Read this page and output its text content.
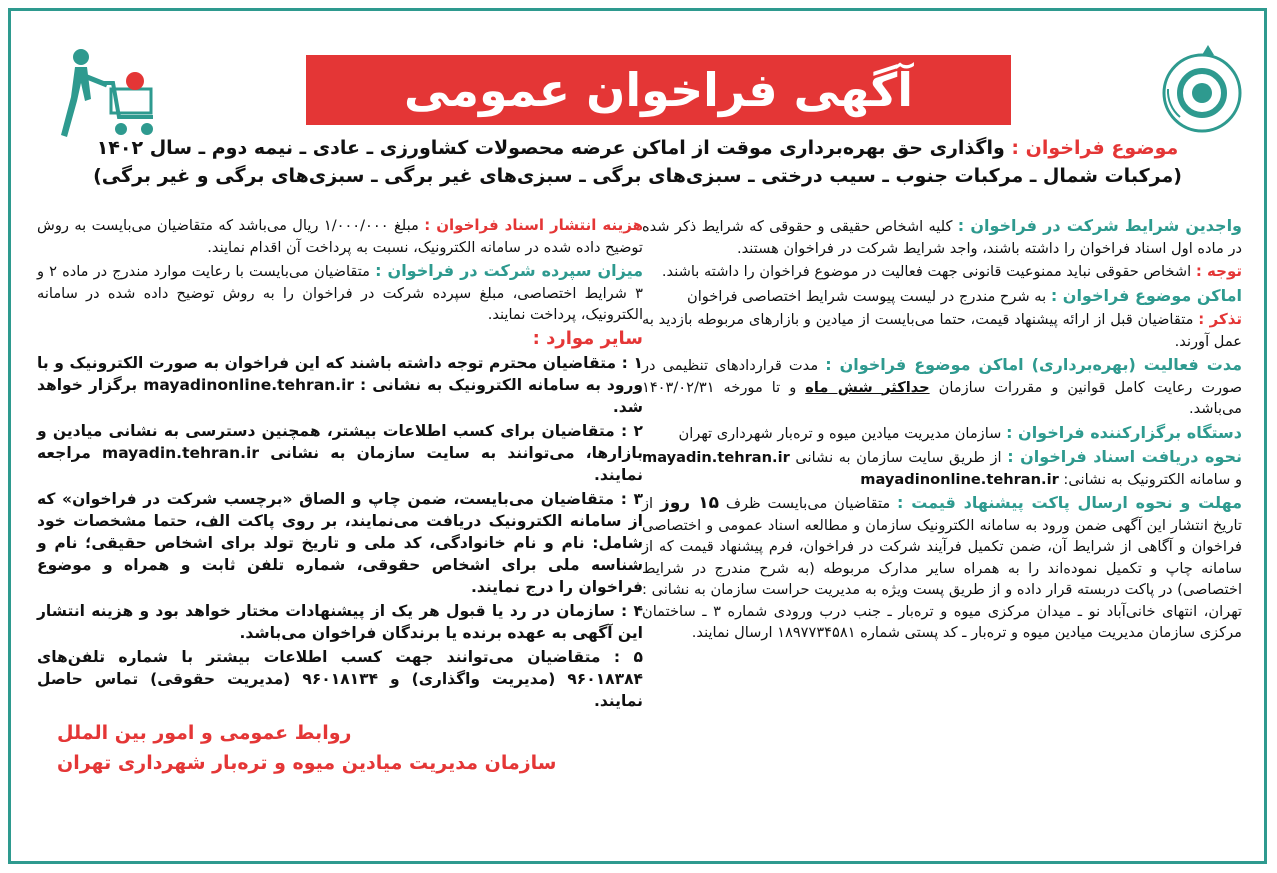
آگهی فراخوان عمومی
موضوع فراخوان : واگذاری حق بهره‌برداری موقت از اماکن عرضه محصولات کشاورزی ـ عادی ـ نیمه دوم ـ سال ۱۴۰۲
(مرکبات شمال ـ مرکبات جنوب ـ سیب درختی ـ سبزی‌های برگی ـ سبزی‌های غیر برگی ـ سبزی‌های برگی و غیر برگی)

واجدین شرایط شرکت در فراخوان : کلیه اشخاص حقیقی و حقوقی که شرایط ذکر شده در ماده اول اسناد فراخوان را داشته باشند، واجد شرایط شرکت در فراخوان هستند.

توجه : اشخاص حقوقی نباید ممنوعیت قانونی جهت فعالیت در موضوع فراخوان را داشته باشند.

اماکن موضوع فراخوان : به شرح مندرج در لیست پیوست شرایط اختصاصی فراخوان

تذکر : متقاضیان قبل از ارائه پیشنهاد قیمت، حتما می‌بایست از میادین و بازارهای مربوطه بازدید به عمل آورند.

مدت فعالیت (بهره‌برداری) اماکن موضوع فراخوان : مدت قراردادهای تنظیمی در صورت رعایت کامل قوانین و مقررات سازمان حداکثر شش ماه و تا مورخه ۱۴۰۳/۰۲/۳۱ می‌باشد.

دستگاه برگزارکننده فراخوان : سازمان مدیریت میادین میوه و تره‌بار شهرداری تهران

نحوه دریافت اسناد فراخوان : از طریق سایت سازمان به نشانی mayadin.tehran.ir و سامانه الکترونیک به نشانی: mayadinonline.tehran.ir

مهلت و نحوه ارسال پاکت پیشنهاد قیمت : متقاضیان می‌بایست ظرف ۱۵ روز از تاریخ انتشار این آگهی ضمن ورود به سامانه الکترونیک سازمان و مطالعه اسناد عمومی و اختصاصی فراخوان و آگاهی از شرایط آن، ضمن تکمیل فرآیند شرکت در فراخوان، فرم پیشنهاد قیمت که از سامانه چاپ و تکمیل نموده‌اند را به همراه سایر مدارک مربوطه (به شرح مندرج در شرایط اختصاصی) در پاکت دربسته قرار داده و از طریق پست ویژه به مدیریت حراست سازمان به نشانی : تهران، انتهای خانی‌آباد نو ـ میدان مرکزی میوه و تره‌بار ـ جنب درب ورودی شماره ۳ ـ ساختمان مرکزی سازمان مدیریت میادین میوه و تره‌بار ـ کد پستی شماره ۱۸۹۷۷۳۴۵۸۱ ارسال نمایند.

هزینه انتشار اسناد فراخوان : مبلغ ۱/۰۰۰/۰۰۰ ریال می‌باشد که متقاضیان می‌بایست به روش توضیح داده شده در سامانه الکترونیک، نسبت به پرداخت آن اقدام نمایند.

میزان سپرده شرکت در فراخوان : متقاضیان می‌بایست با رعایت موارد مندرج در ماده ۲ و ۳ شرایط اختصاصی، مبلغ سپرده شرکت در فراخوان را به روش توضیح داده شده در سامانه الکترونیک، پرداخت نمایند.

سایر موارد :

۱ : متقاضیان محترم توجه داشته باشند که این فراخوان به صورت الکترونیک و با ورود به سامانه الکترونیک به نشانی : mayadinonline.tehran.ir برگزار خواهد شد.

۲ : متقاضیان برای کسب اطلاعات بیشتر، همچنین دسترسی به نشانی میادین و بازارها، می‌توانند به سایت سازمان به نشانی mayadin.tehran.ir مراجعه نمایند.

۳ : متقاضیان می‌بایست، ضمن چاپ و الصاق «برچسب شرکت در فراخوان» که از سامانه الکترونیک دریافت می‌نمایند، بر روی پاکت الف، حتما مشخصات خود شامل: نام و نام خانوادگی، کد ملی و تاریخ تولد برای اشخاص حقیقی؛ نام و شناسه ملی برای اشخاص حقوقی، شماره تلفن ثابت و همراه و موضوع فراخوان را درج نمایند.

۴ : سازمان در رد یا قبول هر یک از پیشنهادات مختار خواهد بود و هزینه انتشار این آگهی به عهده برنده یا برندگان فراخوان می‌باشد.

۵ : متقاضیان می‌توانند جهت کسب اطلاعات بیشتر با شماره تلفن‌های ۹۶۰۱۸۳۸۴ (مدیریت واگذاری) و ۹۶۰۱۸۱۳۴ (مدیریت حقوقی) تماس حاصل نمایند.

روابط عمومی و امور بین الملل
سازمان مدیریت میادین میوه و تره‌بار شهرداری تهران
